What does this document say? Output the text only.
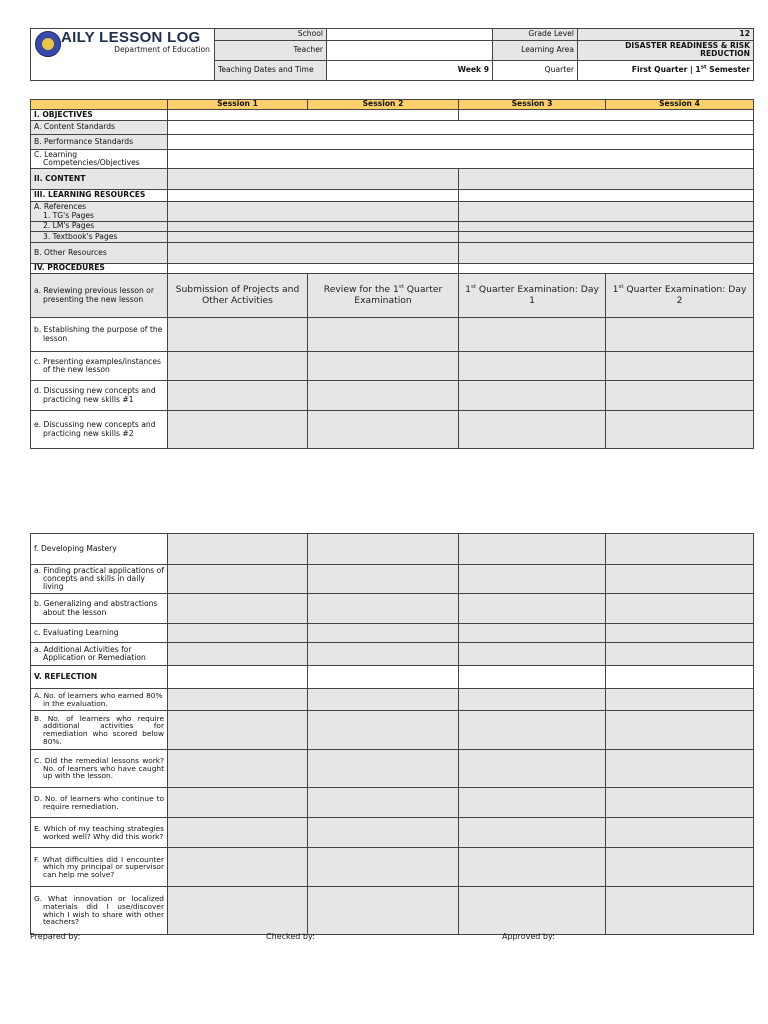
AILY LESSON LOG
Department of Education	School		Grade Level	12
	Teacher		Learning Area	DISASTER READINESS & RISK REDUCTION
	Teaching Dates and Time	Week 9	Quarter	First Quarter | 1st Semester
	Session 1	Session 2	Session 3	Session 4
I. OBJECTIVES				
A. Content Standards				
B. Performance Standards				
C. Learning Competencies/Objectives				
II. CONTENT				
III. LEARNING RESOURCES				

A. References
1. TG's Pages				

2. LM's Pages				
3. Textbook's Pages				
B. Other Resources				
IV. PROCEDURES				
a. Reviewing previous lesson or presenting the new lesson	Submission of Projects and Other Activities	Review for the 1st Quarter Examination	1st Quarter Examination: Day 1	1st Quarter Examination: Day 2
b. Establishing the purpose of the lesson				
c. Presenting examples/instances of the new lesson				
d. Discussing new concepts and practicing new skills #1				
e. Discussing new concepts and practicing new skills #2				
f. Developing Mastery				
a. Finding practical applications of concepts and skills in daily living				
b. Generalizing and abstractions about the lesson				
c. Evaluating Learning				
a. Additional Activities for Application or Remediation				
V. REFLECTION				
A. No. of learners who earned 80% in the evaluation.				
B. No. of learners who require additional activities for remediation who scored below 80%.				
C. Did the remedial lessons work? No. of learners who have caught up with the lesson.				
D. No. of learners who continue to require remediation.				
E. Which of my teaching strategies worked well? Why did this work?				
F. What difficulties did I encounter which my principal or supervisor can help me solve?				
G. What innovation or localized materials did I use/discover which I wish to share with other teachers?				
Prepared by:	Checked by:	Approved by:
